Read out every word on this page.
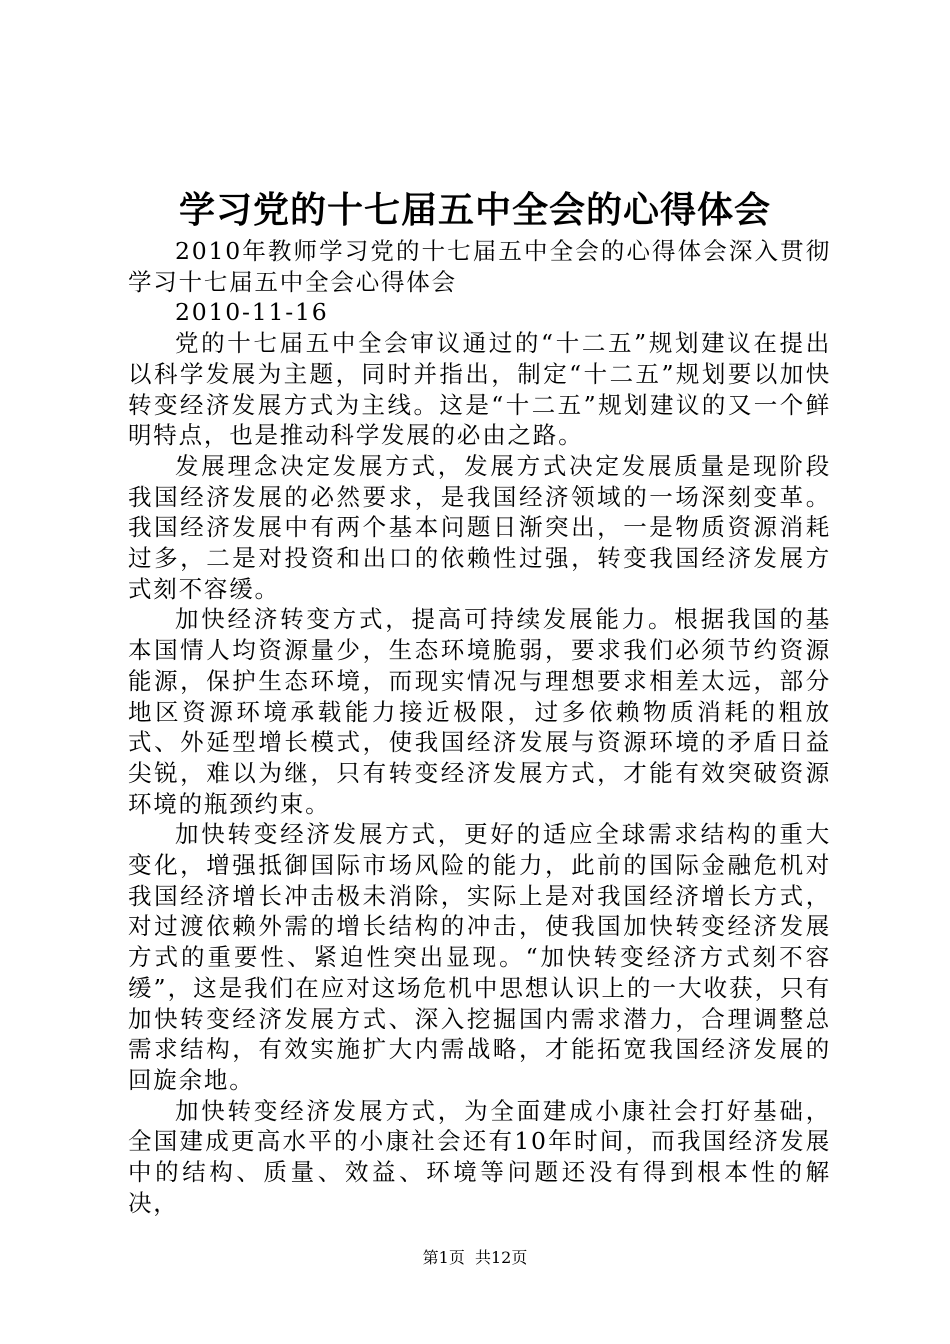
学习党的十七届五中全会的心得体会

2010年教师学习党的十七届五中全会的心得体会深入贯彻学习十七届五中全会心得体会

2010-11-16

党的十七届五中全会审议通过的“十二五”规划建议在提出以科学发展为主题，同时并指出，制定“十二五”规划要以加快转变经济发展方式为主线。这是“十二五”规划建议的又一个鲜明特点，也是推动科学发展的必由之路。

发展理念决定发展方式，发展方式决定发展质量是现阶段我国经济发展的必然要求，是我国经济领域的一场深刻变革。我国经济发展中有两个基本问题日渐突出，一是物质资源消耗过多，二是对投资和出口的依赖性过强，转变我国经济发展方式刻不容缓。

加快经济转变方式，提高可持续发展能力。根据我国的基本国情人均资源量少，生态环境脆弱，要求我们必须节约资源能源，保护生态环境，而现实情况与理想要求相差太远，部分地区资源环境承载能力接近极限，过多依赖物质消耗的粗放式、外延型增长模式，使我国经济发展与资源环境的矛盾日益尖锐，难以为继，只有转变经济发展方式，才能有效突破资源环境的瓶颈约束。

加快转变经济发展方式，更好的适应全球需求结构的重大变化，增强抵御国际市场风险的能力，此前的国际金融危机对我国经济增长冲击极未消除，实际上是对我国经济增长方式，对过渡依赖外需的增长结构的冲击，使我国加快转变经济发展方式的重要性、紧迫性突出显现。“加快转变经济方式刻不容缓”，这是我们在应对这场危机中思想认识上的一大收获，只有加快转变经济发展方式、深入挖掘国内需求潜力，合理调整总需求结构，有效实施扩大内需战略，才能拓宽我国经济发展的回旋余地。

加快转变经济发展方式，为全面建成小康社会打好基础，全国建成更高水平的小康社会还有10年时间，而我国经济发展中的结构、质量、效益、环境等问题还没有得到根本性的解决，

第1页  共12页
